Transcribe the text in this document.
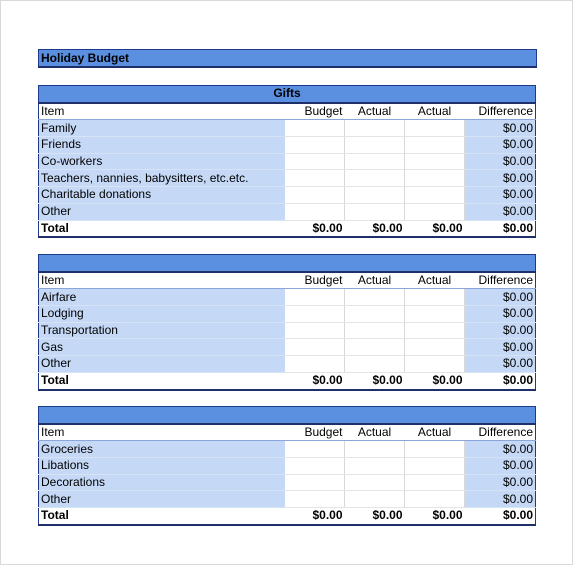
Holiday Budget
Gifts				
Item	Budget	Actual	Actual	Difference
Family				$0.00
Friends				$0.00
Co-workers				$0.00
Teachers, nannies, babysitters, etc.etc.				$0.00
Charitable donations				$0.00
Other				$0.00
Total	$0.00	$0.00	$0.00	$0.00

Item	Budget	Actual	Actual	Difference
Airfare				$0.00
Lodging				$0.00
Transportation				$0.00
Gas				$0.00
Other				$0.00
Total	$0.00	$0.00	$0.00	$0.00

Item	Budget	Actual	Actual	Difference
Groceries				$0.00
Libations				$0.00
Decorations				$0.00
Other				$0.00
Total	$0.00	$0.00	$0.00	$0.00
